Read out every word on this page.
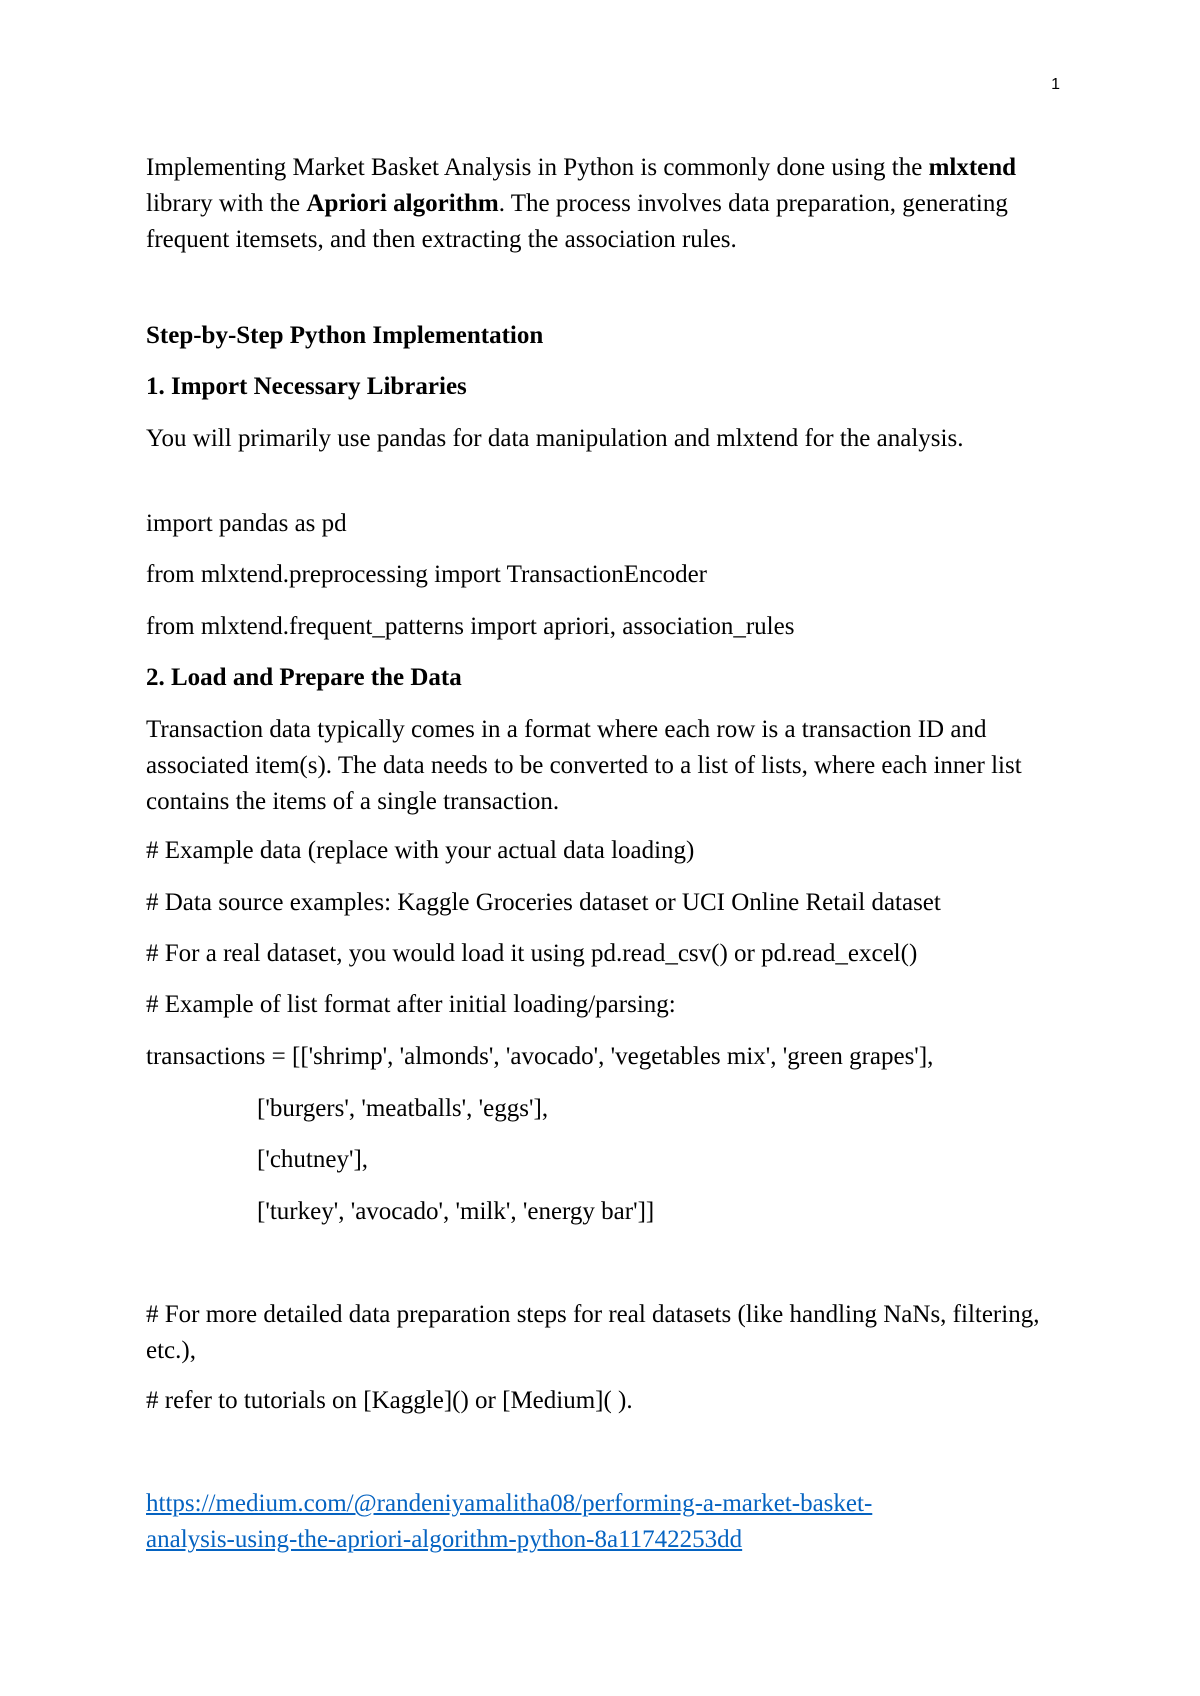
1

Implementing Market Basket Analysis in Python is commonly done using the mlxtend library with the Apriori algorithm. The process involves data preparation, generating frequent itemsets, and then extracting the association rules.

Step-by-Step Python Implementation

1. Import Necessary Libraries

You will primarily use pandas for data manipulation and mlxtend for the analysis.

import pandas as pd

from mlxtend.preprocessing import TransactionEncoder

from mlxtend.frequent_patterns import apriori, association_rules

2. Load and Prepare the Data

Transaction data typically comes in a format where each row is a transaction ID and associated item(s). The data needs to be converted to a list of lists, where each inner list contains the items of a single transaction.

# Example data (replace with your actual data loading)

# Data source examples: Kaggle Groceries dataset or UCI Online Retail dataset

# For a real dataset, you would load it using pd.read_csv() or pd.read_excel()

# Example of list format after initial loading/parsing:

transactions = [['shrimp', 'almonds', 'avocado', 'vegetables mix', 'green grapes'],

['burgers', 'meatballs', 'eggs'],

['chutney'],

['turkey', 'avocado', 'milk', 'energy bar']]

# For more detailed data preparation steps for real datasets (like handling NaNs, filtering, etc.),

# refer to tutorials on [Kaggle]() or [Medium]( ).

https://medium.com/@randeniyamalitha08/performing-a-market-basket-

analysis-using-the-apriori-algorithm-python-8a11742253dd
